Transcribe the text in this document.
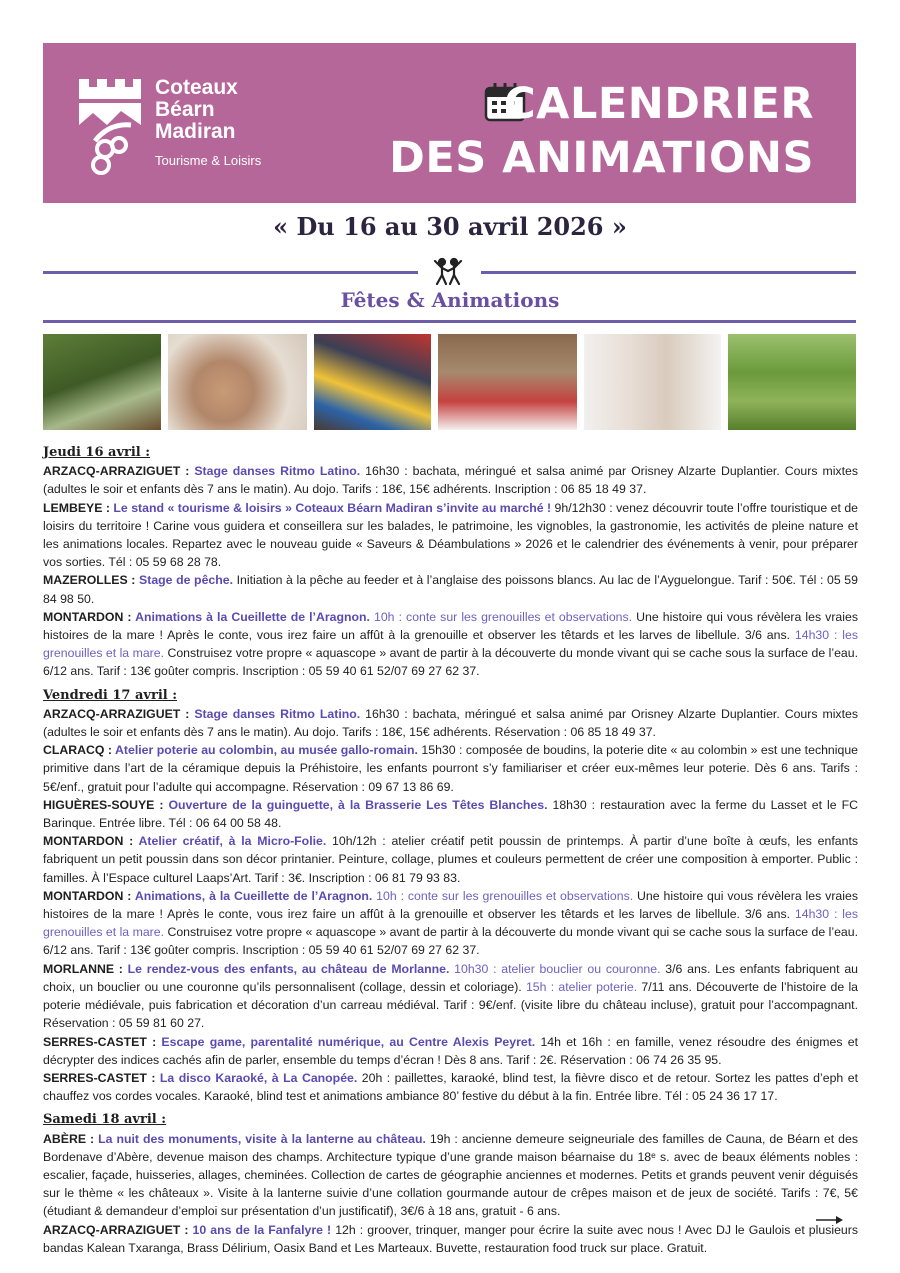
Coteaux
Béarn
Madiran
Tourisme & Loisirs
CALENDRIER
DES ANIMATIONS
« Du 16 au 30 avril 2026 »
Fêtes & Animations

Jeudi 16 avril :

ARZACQ-ARRAZIGUET : Stage danses Ritmo Latino. 16h30 : bachata, méringué et salsa animé par Orisney Alzarte Duplantier. Cours mixtes (adultes le soir et enfants dès 7 ans le matin). Au dojo. Tarifs : 18€, 15€ adhérents. Inscription : 06 85 18 49 37.

LEMBEYE : Le stand « tourisme & loisirs » Coteaux Béarn Madiran s’invite au marché ! 9h/12h30 : venez découvrir toute l’offre touristique et de loisirs du territoire ! Carine vous guidera et conseillera sur les balades, le patrimoine, les vignobles, la gastronomie, les activités de pleine nature et les animations locales. Repartez avec le nouveau guide « Saveurs & Déambulations » 2026 et le calendrier des événements à venir, pour préparer vos sorties. Tél : 05 59 68 28 78.

MAZEROLLES : Stage de pêche. Initiation à la pêche au feeder et à l’anglaise des poissons blancs. Au lac de l’Ayguelongue. Tarif : 50€. Tél : 05 59 84 98 50.

MONTARDON : Animations à la Cueillette de l’Aragnon. 10h : conte sur les grenouilles et observations. Une histoire qui vous révèlera les vraies histoires de la mare ! Après le conte, vous irez faire un affût à la grenouille et observer les têtards et les larves de libellule. 3/6 ans. 14h30 : les grenouilles et la mare. Construisez votre propre « aquascope » avant de partir à la découverte du monde vivant qui se cache sous la surface de l’eau. 6/12 ans. Tarif : 13€ goûter compris. Inscription : 05 59 40 61 52/07 69 27 62 37.

Vendredi 17 avril :

ARZACQ-ARRAZIGUET : Stage danses Ritmo Latino. 16h30 : bachata, méringué et salsa animé par Orisney Alzarte Duplantier. Cours mixtes (adultes le soir et enfants dès 7 ans le matin). Au dojo. Tarifs : 18€, 15€ adhérents. Réservation : 06 85 18 49 37.

CLARACQ : Atelier poterie au colombin, au musée gallo-romain. 15h30 : composée de boudins, la poterie dite « au colombin » est une technique primitive dans l’art de la céramique depuis la Préhistoire, les enfants pourront s’y familiariser et créer eux-mêmes leur poterie. Dès 6 ans. Tarifs : 5€/enf., gratuit pour l’adulte qui accompagne. Réservation : 09 67 13 86 69.

HIGUÈRES-SOUYE : Ouverture de la guinguette, à la Brasserie Les Têtes Blanches. 18h30 : restauration avec la ferme du Lasset et le FC Barinque. Entrée libre. Tél : 06 64 00 58 48.

MONTARDON : Atelier créatif, à la Micro-Folie. 10h/12h : atelier créatif petit poussin de printemps. À partir d’une boîte à œufs, les enfants fabriquent un petit poussin dans son décor printanier. Peinture, collage, plumes et couleurs permettent de créer une composition à emporter. Public : familles. À l’Espace culturel Laaps’Art. Tarif : 3€. Inscription : 06 81 79 93 83.

MONTARDON : Animations, à la Cueillette de l’Aragnon. 10h : conte sur les grenouilles et observations. Une histoire qui vous révèlera les vraies histoires de la mare ! Après le conte, vous irez faire un affût à la grenouille et observer les têtards et les larves de libellule. 3/6 ans. 14h30 : les grenouilles et la mare. Construisez votre propre « aquascope » avant de partir à la découverte du monde vivant qui se cache sous la surface de l’eau. 6/12 ans. Tarif : 13€ goûter compris. Inscription : 05 59 40 61 52/07 69 27 62 37.

MORLANNE : Le rendez-vous des enfants, au château de Morlanne. 10h30 : atelier bouclier ou couronne. 3/6 ans. Les enfants fabriquent au choix, un bouclier ou une couronne qu’ils personnalisent (collage, dessin et coloriage). 15h : atelier poterie. 7/11 ans. Découverte de l’histoire de la poterie médiévale, puis fabrication et décoration d’un carreau médiéval. Tarif : 9€/enf. (visite libre du château incluse), gratuit pour l’accompagnant. Réservation : 05 59 81 60 27.

SERRES-CASTET : Escape game, parentalité numérique, au Centre Alexis Peyret. 14h et 16h : en famille, venez résoudre des énigmes et décrypter des indices cachés afin de parler, ensemble du temps d’écran ! Dès 8 ans. Tarif : 2€. Réservation : 06 74 26 35 95.

SERRES-CASTET : La disco Karaoké, à La Canopée. 20h : paillettes, karaoké, blind test, la fièvre disco et de retour. Sortez les pattes d’eph et chauffez vos cordes vocales. Karaoké, blind test et animations ambiance 80’ festive du début à la fin. Entrée libre. Tél : 05 24 36 17 17.

Samedi 18 avril :

ABÈRE : La nuit des monuments, visite à la lanterne au château. 19h : ancienne demeure seigneuriale des familles de Cauna, de Béarn et des Bordenave d’Abère, devenue maison des champs. Architecture typique d’une grande maison béarnaise du 18ᵉ s. avec de beaux éléments nobles : escalier, façade, huisseries, allages, cheminées. Collection de cartes de géographie anciennes et modernes. Petits et grands peuvent venir déguisés sur le thème « les châteaux ». Visite à la lanterne suivie d’une collation gourmande autour de crêpes maison et de jeux de société. Tarifs : 7€, 5€ (étudiant & demandeur d’emploi sur présentation d’un justificatif), 3€/6 à 18 ans, gratuit - 6 ans.

ARZACQ-ARRAZIGUET : 10 ans de la Fanfalyre ! 12h : groover, trinquer, manger pour écrire la suite avec nous ! Avec DJ le Gaulois et plusieurs bandas Kalean Txaranga, Brass Délirium, Oasix Band et Les Marteaux. Buvette, restauration food truck sur place. Gratuit.
